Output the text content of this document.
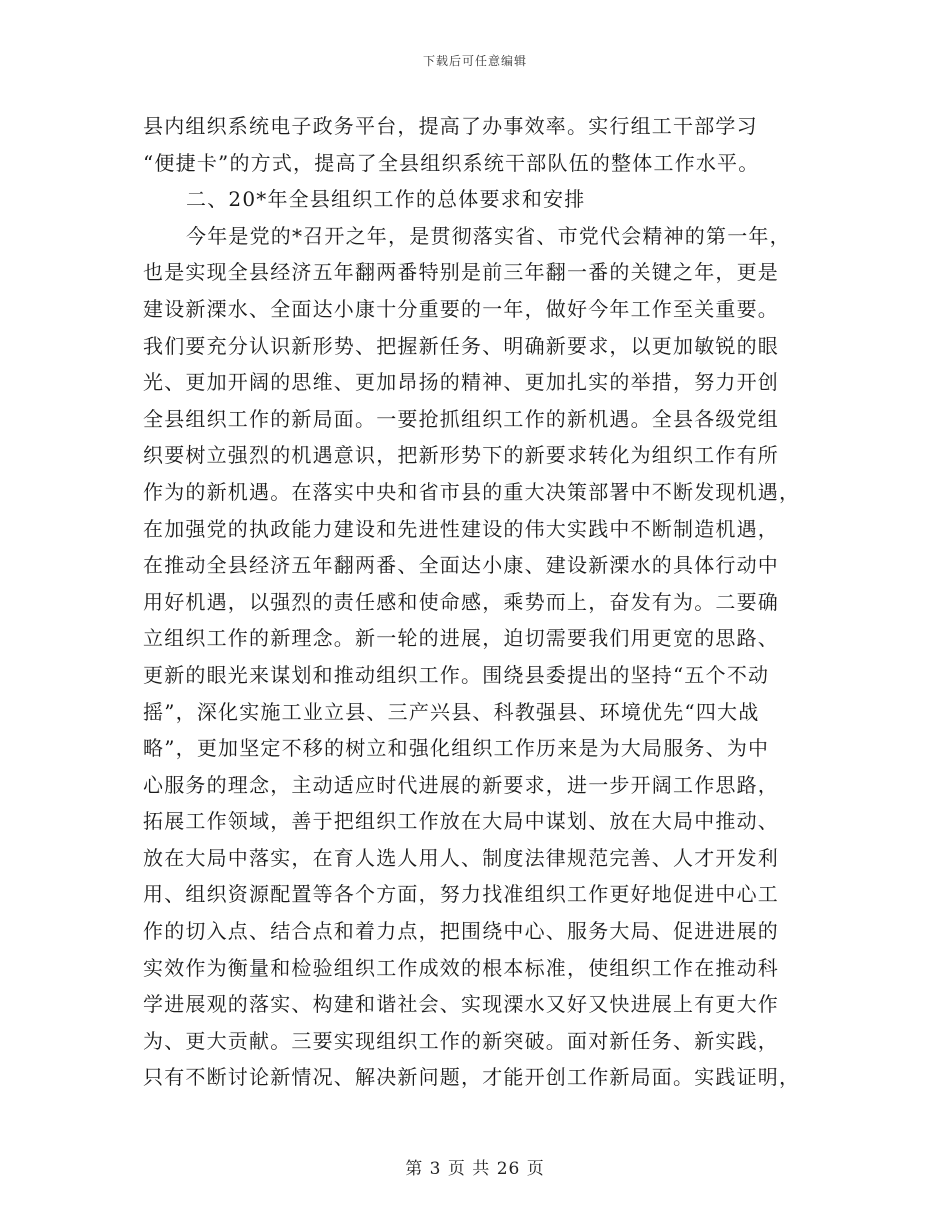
下载后可任意编辑
县内组织系统电子政务平台，提高了办事效率。实行组工干部学习
“便捷卡”的方式，提高了全县组织系统干部队伍的整体工作水平。
二、20*年全县组织工作的总体要求和安排
今年是党的*召开之年，是贯彻落实省、市党代会精神的第一年，
也是实现全县经济五年翻两番特别是前三年翻一番的关键之年，更是
建设新溧水、全面达小康十分重要的一年，做好今年工作至关重要。
我们要充分认识新形势、把握新任务、明确新要求，以更加敏锐的眼
光、更加开阔的思维、更加昂扬的精神、更加扎实的举措，努力开创
全县组织工作的新局面。一要抢抓组织工作的新机遇。全县各级党组
织要树立强烈的机遇意识，把新形势下的新要求转化为组织工作有所
作为的新机遇。在落实中央和省市县的重大决策部署中不断发现机遇，
在加强党的执政能力建设和先进性建设的伟大实践中不断制造机遇，
在推动全县经济五年翻两番、全面达小康、建设新溧水的具体行动中
用好机遇，以强烈的责任感和使命感，乘势而上，奋发有为。二要确
立组织工作的新理念。新一轮的进展，迫切需要我们用更宽的思路、
更新的眼光来谋划和推动组织工作。围绕县委提出的坚持“五个不动
摇”，深化实施工业立县、三产兴县、科教强县、环境优先“四大战
略”，更加坚定不移的树立和强化组织工作历来是为大局服务、为中
心服务的理念，主动适应时代进展的新要求，进一步开阔工作思路，
拓展工作领域，善于把组织工作放在大局中谋划、放在大局中推动、
放在大局中落实，在育人选人用人、制度法律规范完善、人才开发利
用、组织资源配置等各个方面，努力找准组织工作更好地促进中心工
作的切入点、结合点和着力点，把围绕中心、服务大局、促进进展的
实效作为衡量和检验组织工作成效的根本标准，使组织工作在推动科
学进展观的落实、构建和谐社会、实现溧水又好又快进展上有更大作
为、更大贡献。三要实现组织工作的新突破。面对新任务、新实践，
只有不断讨论新情况、解决新问题，才能开创工作新局面。实践证明，
第 3 页 共 26 页
